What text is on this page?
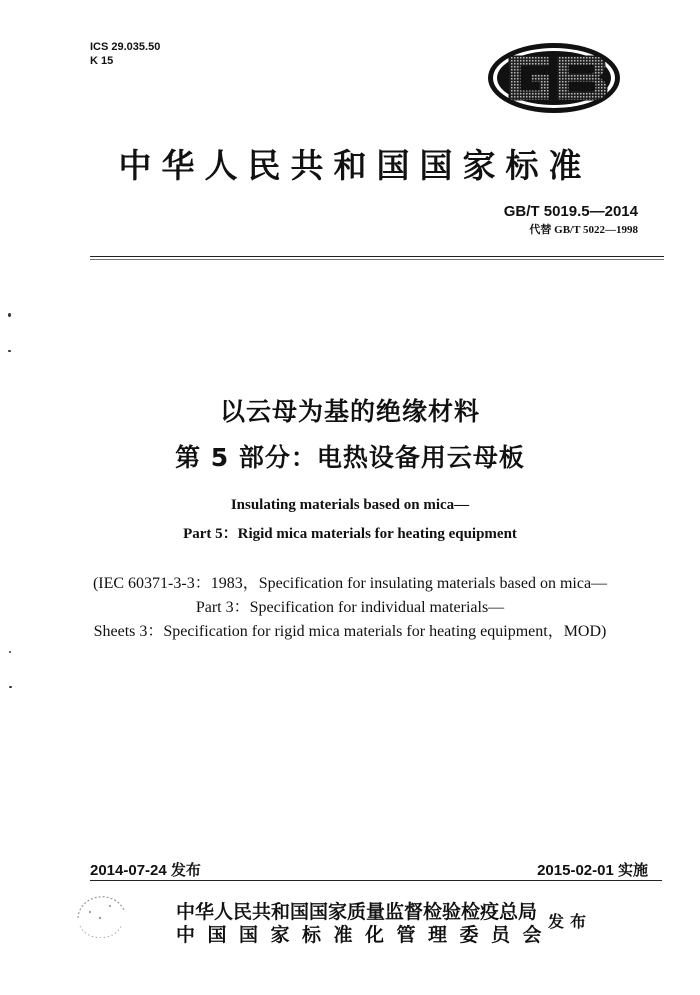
ICS 29.035.50
K 15
中华人民共和国国家标准
GB/T 5019.5—2014
代替 GB/T 5022—1998
以云母为基的绝缘材料
第 5 部分：电热设备用云母板
Insulating materials based on mica—
Part 5：Rigid mica materials for heating equipment
(IEC 60371-3-3：1983，Specification for insulating materials based on mica—
Part 3：Specification for individual materials—
Sheets 3：Specification for rigid mica materials for heating equipment，MOD)
2014-07-24 发布	2015-02-01 实施
中华人民共和国国家质量监督检验检疫总局
中国国家标准化管理委员会
发布
